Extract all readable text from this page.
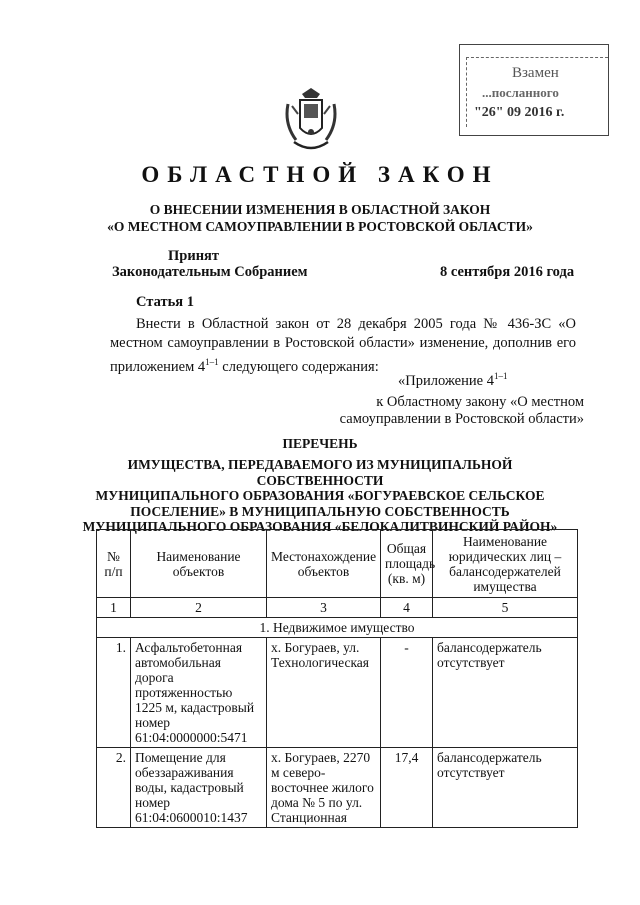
Взамен
...посланного
"26" 09 2016 г.
ОБЛАСТНОЙ ЗАКОН
О ВНЕСЕНИИ ИЗМЕНЕНИЯ В ОБЛАСТНОЙ ЗАКОН
«О МЕСТНОМ САМОУПРАВЛЕНИИ В РОСТОВСКОЙ ОБЛАСТИ»
Принят
Законодательным Собранием	8 сентября 2016 года
Статья 1

Внести в Областной закон от 28 декабря 2005 года № 436-ЗС «О местном самоуправлении в Ростовской области» изменение, дополнив его приложением 4$^{1-1}$ следующего содержания:

«Приложение 4$^{1-1}$
к Областному закону «О местном
самоуправлении в Ростовской области»
ПЕРЕЧЕНЬ
ИМУЩЕСТВА, ПЕРЕДАВАЕМОГО ИЗ МУНИЦИПАЛЬНОЙ СОБСТВЕННОСТИ
МУНИЦИПАЛЬНОГО ОБРАЗОВАНИЯ «БОГУРАЕВСКОЕ СЕЛЬСКОЕ
ПОСЕЛЕНИЕ» В МУНИЦИПАЛЬНУЮ СОБСТВЕННОСТЬ
МУНИЦИПАЛЬНОГО ОБРАЗОВАНИЯ «БЕЛОКАЛИТВИНСКИЙ РАЙОН»
№ п/п	Наименование объектов	Местонахождение объектов	Общая площадь (кв. м)	Наименование юридических лиц – балансодержателей имущества
1	2	3	4	5
1. Недвижимое имущество				
1.	Асфальтобетонная автомобильная дорога протяженностью 1225 м, кадастровый номер 61:04:0000000:5471	х. Богураев, ул. Технологическая	-	балансодержатель отсутствует
2.	Помещение для обеззараживания воды, кадастровый номер 61:04:0600010:1437	х. Богураев, 2270 м северо-восточнее жилого дома № 5 по ул. Станционная	17,4	балансодержатель отсутствует
